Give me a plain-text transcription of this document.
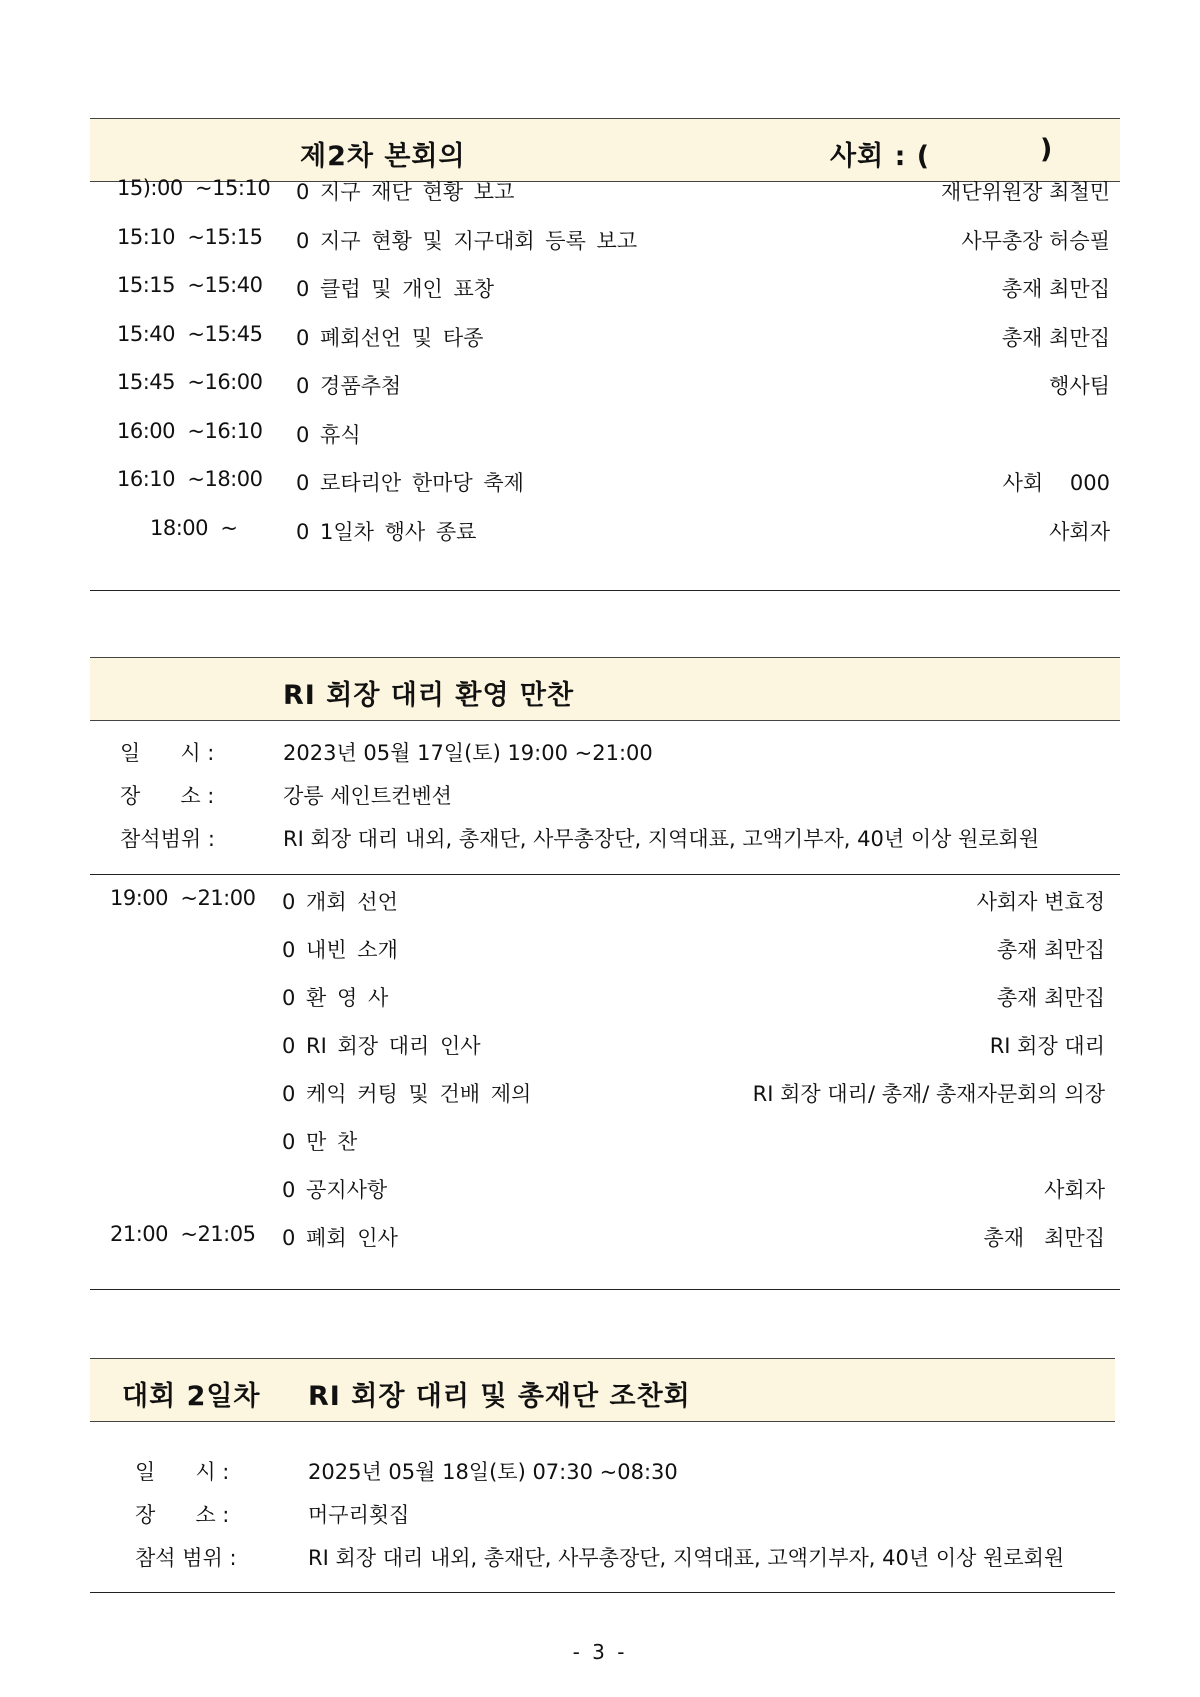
제2차 본회의	사회 : (	)
15):00  ~15:10 0 지구 재단 현황 보고	재단위원장 최철민
15:10  ~15:15 0 지구 현황 및 지구대회 등록 보고	사무총장 허승필
15:15  ~15:40 0 클럽 및 개인 표창	총재 최만집
15:40  ~15:45 0 폐회선언 및 타종	총재 최만집
15:45  ~16:00 0 경품추첨	행사팀
16:00  ~16:10 0 휴식
16:10  ~18:00 0 로타리안 한마당 축제	사회    000
18:00  ~	0 1일차 행사 종료	사회자
RI 회장 대리 환영 만찬
일      시 :	2023년 05월 17일(토) 19:00 ~21:00
장      소 :	강릉 세인트컨벤션
참석범위 :	RI 회장 대리 내외, 총재단, 사무총장단, 지역대표, 고액기부자, 40년 이상 원로회원
19:00  ~21:00 0 개회 선언	사회자 변효정
0 내빈 소개	총재 최만집
0 환 영 사	총재 최만집
0 RI 회장 대리 인사	RI 회장 대리
0 케익 커팅 및 건배 제의	RI 회장 대리/ 총재/ 총재자문회의 의장
0 만 찬
0 공지사항	사회자
21:00  ~21:05 0 폐회 인사	총재   최만집
대회 2일차 RI 회장 대리 및 총재단 조찬회
일      시 :	2025년 05월 18일(토) 07:30 ~08:30
장      소 :	머구리횟집
참석 범위 :	RI 회장 대리 내외, 총재단, 사무총장단, 지역대표, 고액기부자, 40년 이상 원로회원
- 3 -
